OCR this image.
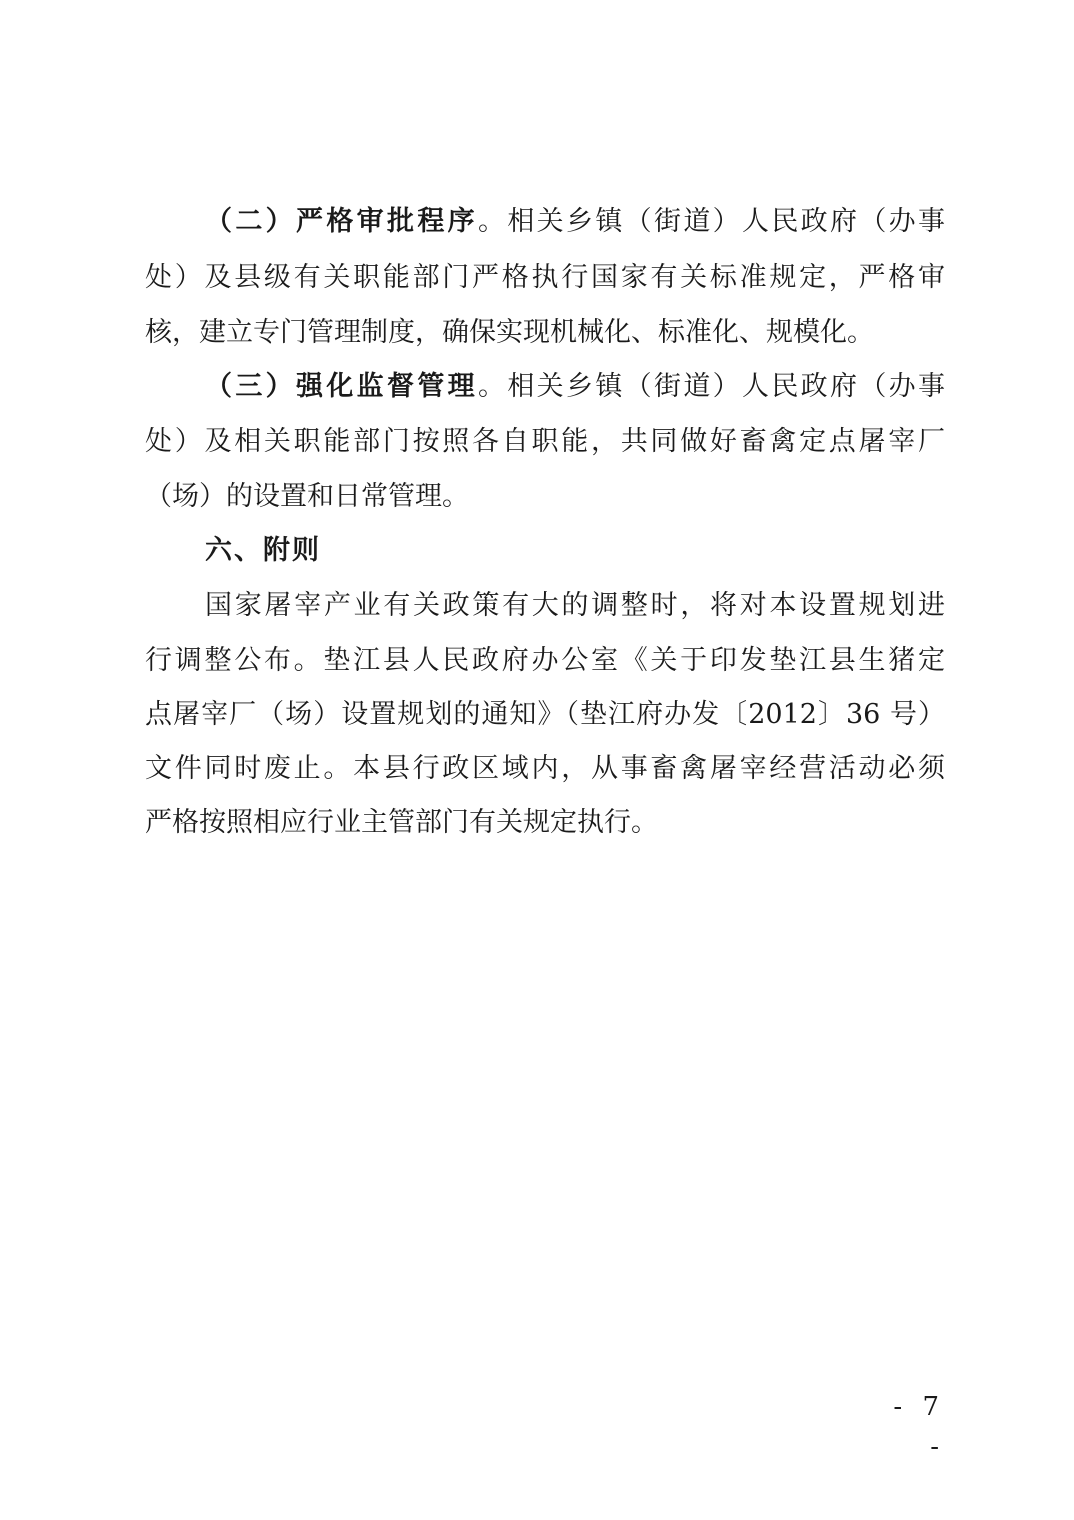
（二）严格审批程序。相关乡镇（街道）人民政府（办事
处）及县级有关职能部门严格执行国家有关标准规定，严格审
核，建立专门管理制度，确保实现机械化、标准化、规模化。
（三）强化监督管理。相关乡镇（街道）人民政府（办事
处）及相关职能部门按照各自职能，共同做好畜禽定点屠宰厂
（场）的设置和日常管理。
六、附则
国家屠宰产业有关政策有大的调整时，将对本设置规划进
行调整公布。垫江县人民政府办公室《关于印发垫江县生猪定
点屠宰厂（场）设置规划的通知》（垫江府办发〔2012〕36 号）
文件同时废止。本县行政区域内，从事畜禽屠宰经营活动必须
严格按照相应行业主管部门有关规定执行。
- 7 -
